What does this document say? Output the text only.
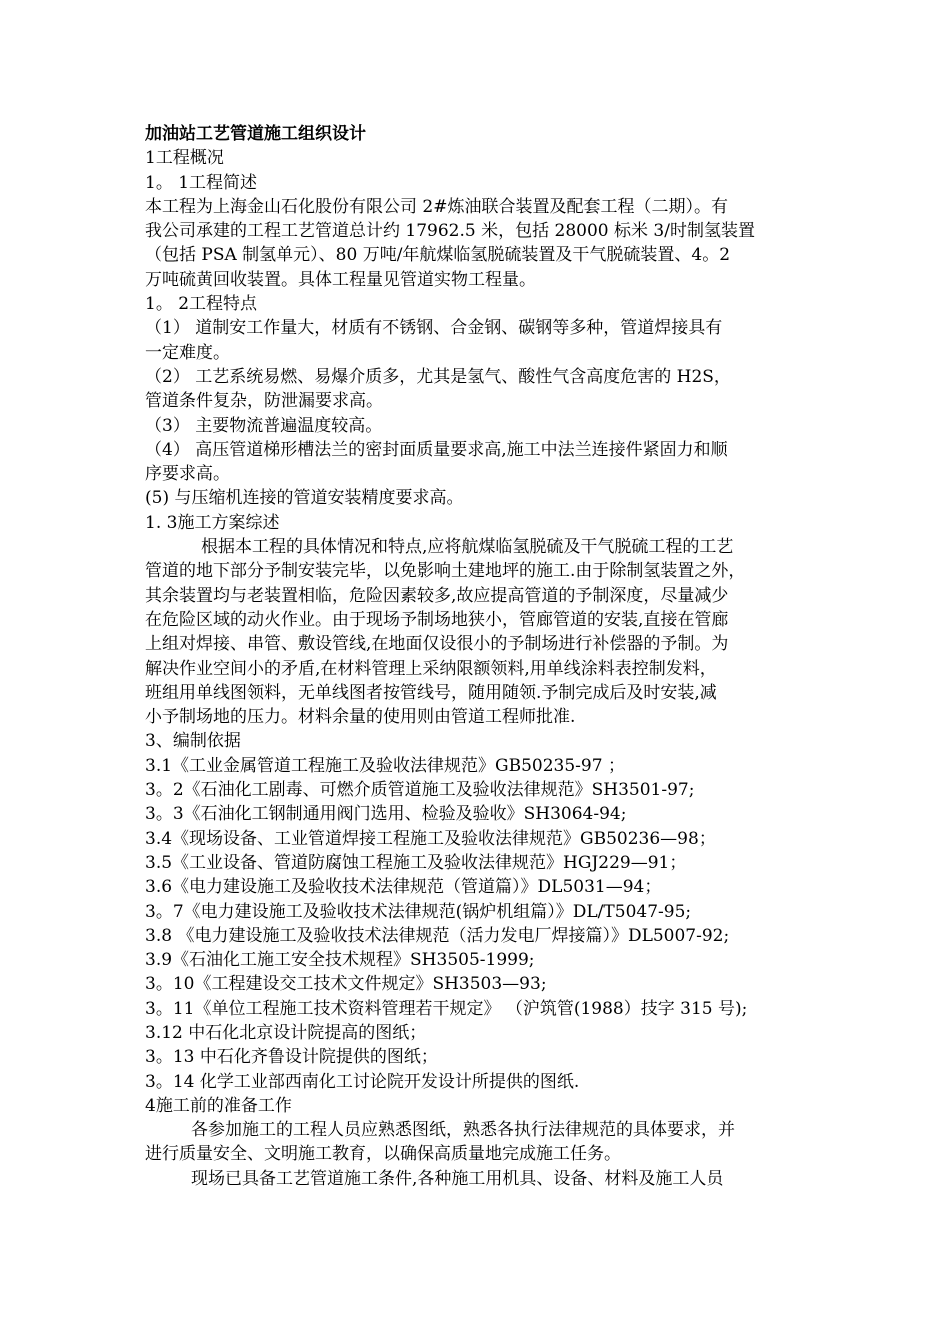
加油站工艺管道施工组织设计
1工程概况
1。 1工程简述
本工程为上海金山石化股份有限公司 2#炼油联合装置及配套工程（二期）。有
我公司承建的工程工艺管道总计约 17962.5 米，包括 28000 标米 3/时制氢装置
（包括 PSA 制氢单元）、80 万吨/年航煤临氢脱硫装置及干气脱硫装置、4。2
万吨硫黄回收装置。具体工程量见管道实物工程量。
1。 2工程特点
（1） 道制安工作量大，材质有不锈钢、合金钢、碳钢等多种，管道焊接具有
一定难度。
（2） 工艺系统易燃、易爆介质多，尤其是氢气、酸性气含高度危害的 H2S，
管道条件复杂，防泄漏要求高。
（3） 主要物流普遍温度较高。
（4） 高压管道梯形槽法兰的密封面质量要求高,施工中法兰连接件紧固力和顺
序要求高。
(5) 与压缩机连接的管道安装精度要求高。
1. 3施工方案综述
根据本工程的具体情况和特点,应将航煤临氢脱硫及干气脱硫工程的工艺
管道的地下部分予制安装完毕，以免影响土建地坪的施工.由于除制氢装置之外，
其余装置均与老装置相临，危险因素较多,故应提高管道的予制深度，尽量减少
在危险区域的动火作业。由于现场予制场地狭小，管廊管道的安装,直接在管廊
上组对焊接、串管、敷设管线,在地面仅设很小的予制场进行补偿器的予制。为
解决作业空间小的矛盾,在材料管理上采纳限额领料,用单线涂料表控制发料，
班组用单线图领料，无单线图者按管线号，随用随领.予制完成后及时安装,减
小予制场地的压力。材料余量的使用则由管道工程师批准.
3、编制依据
3.1《工业金属管道工程施工及验收法律规范》GB50235-97 ；
3。2《石油化工剧毒、可燃介质管道施工及验收法律规范》SH3501-97;
3。3《石油化工钢制通用阀门选用、检验及验收》SH3064-94;
3.4《现场设备、工业管道焊接工程施工及验收法律规范》GB50236—98；
3.5《工业设备、管道防腐蚀工程施工及验收法律规范》HGJ229—91；
3.6《电力建设施工及验收技术法律规范（管道篇）》DL5031—94；
3。7《电力建设施工及验收技术法律规范(锅炉机组篇）》DL/T5047-95;
3.8 《电力建设施工及验收技术法律规范（活力发电厂焊接篇）》DL5007-92;
3.9《石油化工施工安全技术规程》SH3505-1999;
3。10《工程建设交工技术文件规定》SH3503—93;
3。11《单位工程施工技术资料管理若干规定》 （沪筑管(1988）技字 315 号);
3.12 中石化北京设计院提高的图纸；
3。13 中石化齐鲁设计院提供的图纸；
3。14 化学工业部西南化工讨论院开发设计所提供的图纸.
4施工前的准备工作
各参加施工的工程人员应熟悉图纸，熟悉各执行法律规范的具体要求，并
进行质量安全、文明施工教育，以确保高质量地完成施工任务。
现场已具备工艺管道施工条件,各种施工用机具、设备、材料及施工人员
